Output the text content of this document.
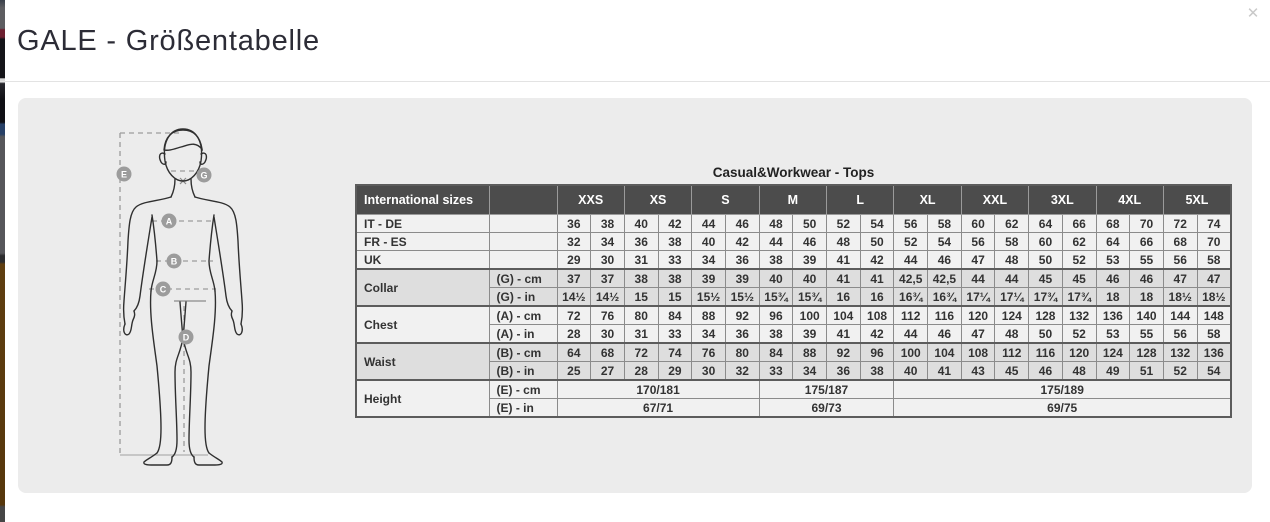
✕
GALE - Größentabelle
E	G
A
B
C
D
Casual&Workwear - Tops
International sizes		XXS		XS		S		M		L		XL		XXL		3XL		4XL		5XL	
IT - DE		36	38	40	42	44	46	48	50	52	54	56	58	60	62	64	66	68	70	72	74
FR - ES		32	34	36	38	40	42	44	46	48	50	52	54	56	58	60	62	64	66	68	70
UK		29	30	31	33	34	36	38	39	41	42	44	46	47	48	50	52	53	55	56	58
Collar	(G) - cm	37	37	38	38	39	39	40	40	41	41	42,5	42,5	44	44	45	45	46	46	47	47
	(G) - in	14½	14½	15	15	15½	15½	15¾	15¾	16	16	16¾	16¾	17¼	17¼	17¾	17¾	18	18	18½	18½
Chest	(A) - cm	72	76	80	84	88	92	96	100	104	108	112	116	120	124	128	132	136	140	144	148
	(A) - in	28	30	31	33	34	36	38	39	41	42	44	46	47	48	50	52	53	55	56	58
Waist	(B) - cm	64	68	72	74	76	80	84	88	92	96	100	104	108	112	116	120	124	128	132	136
	(B) - in	25	27	28	29	30	32	33	34	36	38	40	41	43	45	46	48	49	51	52	54
Height	(E) - cm	170/181						175/187				175/189									
	(E) - in	67/71						69/73				69/75									
